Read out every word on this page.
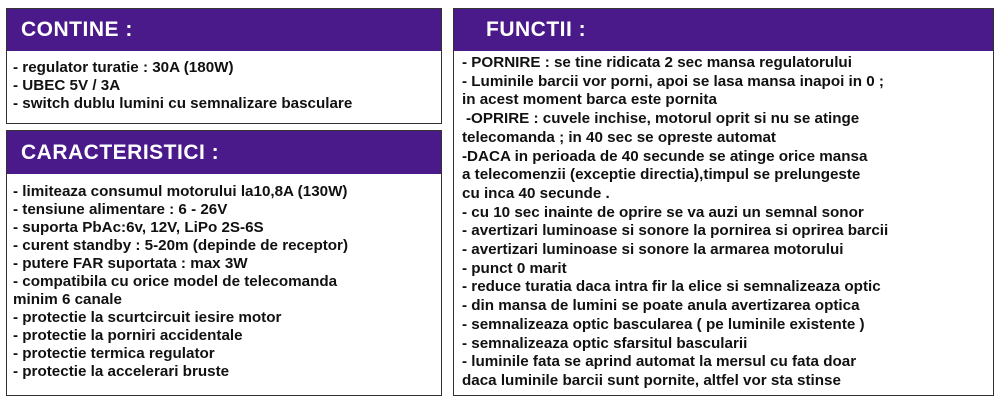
CONTINE :
- regulator turatie : 30A (180W)
- UBEC 5V / 3A
- switch dublu lumini cu semnalizare basculare
CARACTERISTICI :
- limiteaza consumul motorului la10,8A (130W)
- tensiune alimentare : 6 - 26V
- suporta PbAc:6v, 12V, LiPo 2S-6S
- curent standby : 5-20m (depinde de receptor)
- putere FAR suportata : max 3W
- compatibila cu orice model de telecomanda
minim 6 canale
- protectie la scurtcircuit iesire motor
- protectie la porniri accidentale
- protectie termica regulator
- protectie la accelerari bruste
FUNCTII :
- PORNIRE : se tine ridicata 2 sec mansa regulatorului
- Luminile barcii vor porni, apoi se lasa mansa inapoi in 0 ;
in acest moment barca este pornita
-OPRIRE : cuvele inchise, motorul oprit si nu se atinge
telecomanda ; in 40 sec se opreste automat
-DACA in perioada de 40 secunde se atinge orice mansa
a telecomenzii (exceptie directia),timpul se prelungeste
cu inca 40 secunde .
- cu 10 sec inainte de oprire se va auzi un semnal sonor
- avertizari luminoase si sonore la pornirea si oprirea barcii
- avertizari luminoase si sonore la armarea motorului
- punct 0 marit
- reduce turatia daca intra fir la elice si semnalizeaza optic
- din mansa de lumini se poate anula avertizarea optica
- semnalizeaza optic bascularea ( pe luminile existente )
- semnalizeaza optic sfarsitul bascularii
- luminile fata se aprind automat la mersul cu fata doar
daca luminile barcii sunt pornite, altfel vor sta stinse
